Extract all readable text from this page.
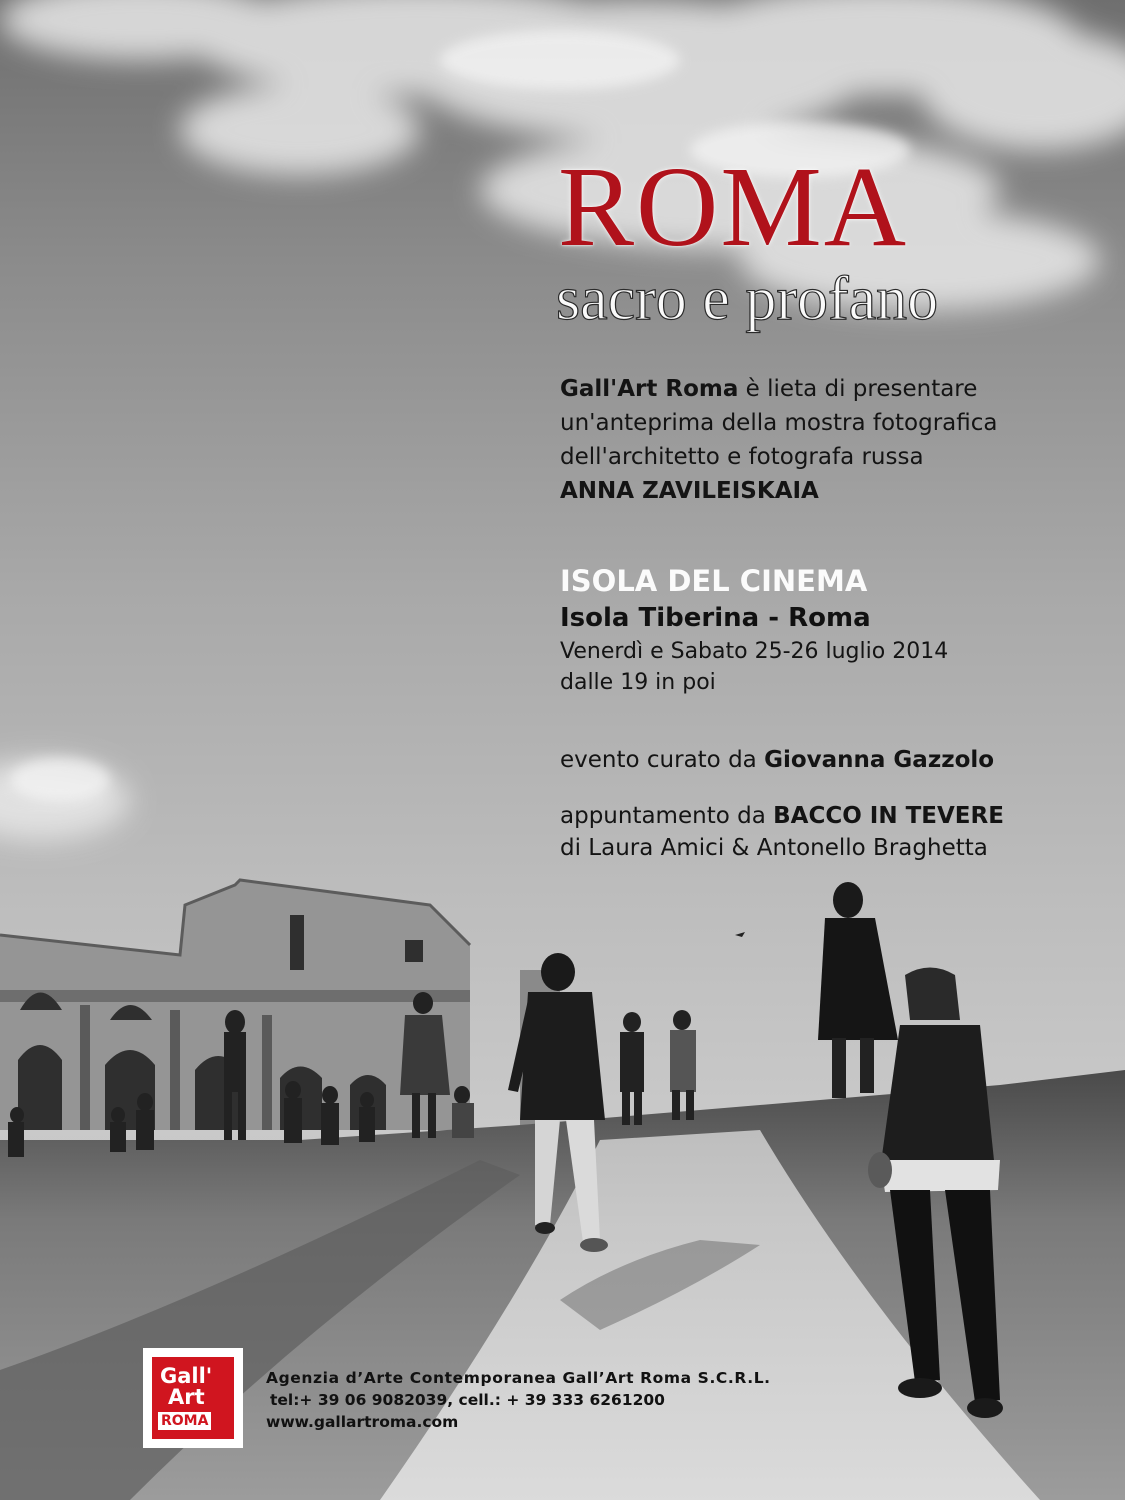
ROMA
sacro e profano
Gall'Art Roma è lieta di presentare
un'anteprima della mostra fotografica
dell'architetto e fotografa russa
ANNA ZAVILEISKAIA
ISOLA DEL CINEMA
Isola Tiberina - Roma
Venerdì e Sabato 25-26 luglio 2014
dalle 19 in poi
evento curato da Giovanna Gazzolo
appuntamento da BACCO IN TEVERE
di Laura Amici & Antonello Braghetta
Gall'
Art
ROMA
Agenzia d’Arte Contemporanea Gall’Art Roma S.C.R.L.
tel:+ 39 06 9082039, cell.: + 39 333 6261200
www.gallartroma.com
